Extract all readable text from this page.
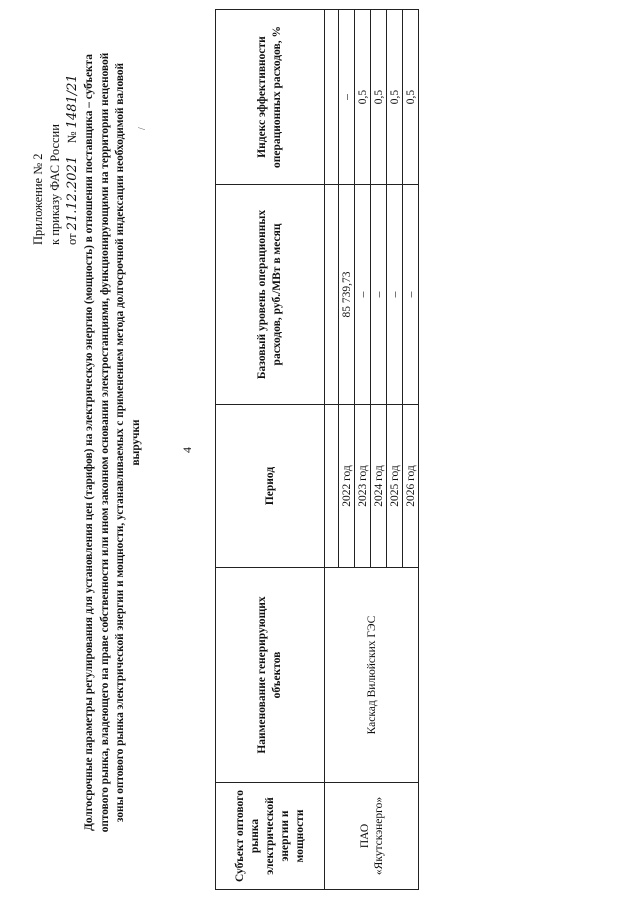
4
Приложение № 2 к приказу ФАС России от 21.12.2021    № 1481/21
/
Долгосрочные параметры регулирования для установления цен (тарифов) на электрическую энергию (мощность) в отношении поставщика – субъекта оптового рынка, владеющего на праве собственности или ином законном основании электростанциями, функционирующими на территории неценовой зоны оптового рынка электрической энергии и мощности, устанавливаемых с применением метода долгосрочной индексации необходимой валовой выручки
Субъект оптового рынка электрической энергии и мощности	Наименование генерирующих объектов	Период	Базовый уровень операционных расходов, руб./МВт в месяц	Индекс эффективности операционных расходов, %
ПАО «Якутскэнерго»	Каскад Вилюйских ГЭС			
		2022 год	85 739,73	–
		2023 год	–	0,5
		2024 год	–	0,5
		2025 год	–	0,5
		2026 год	–	0,5
